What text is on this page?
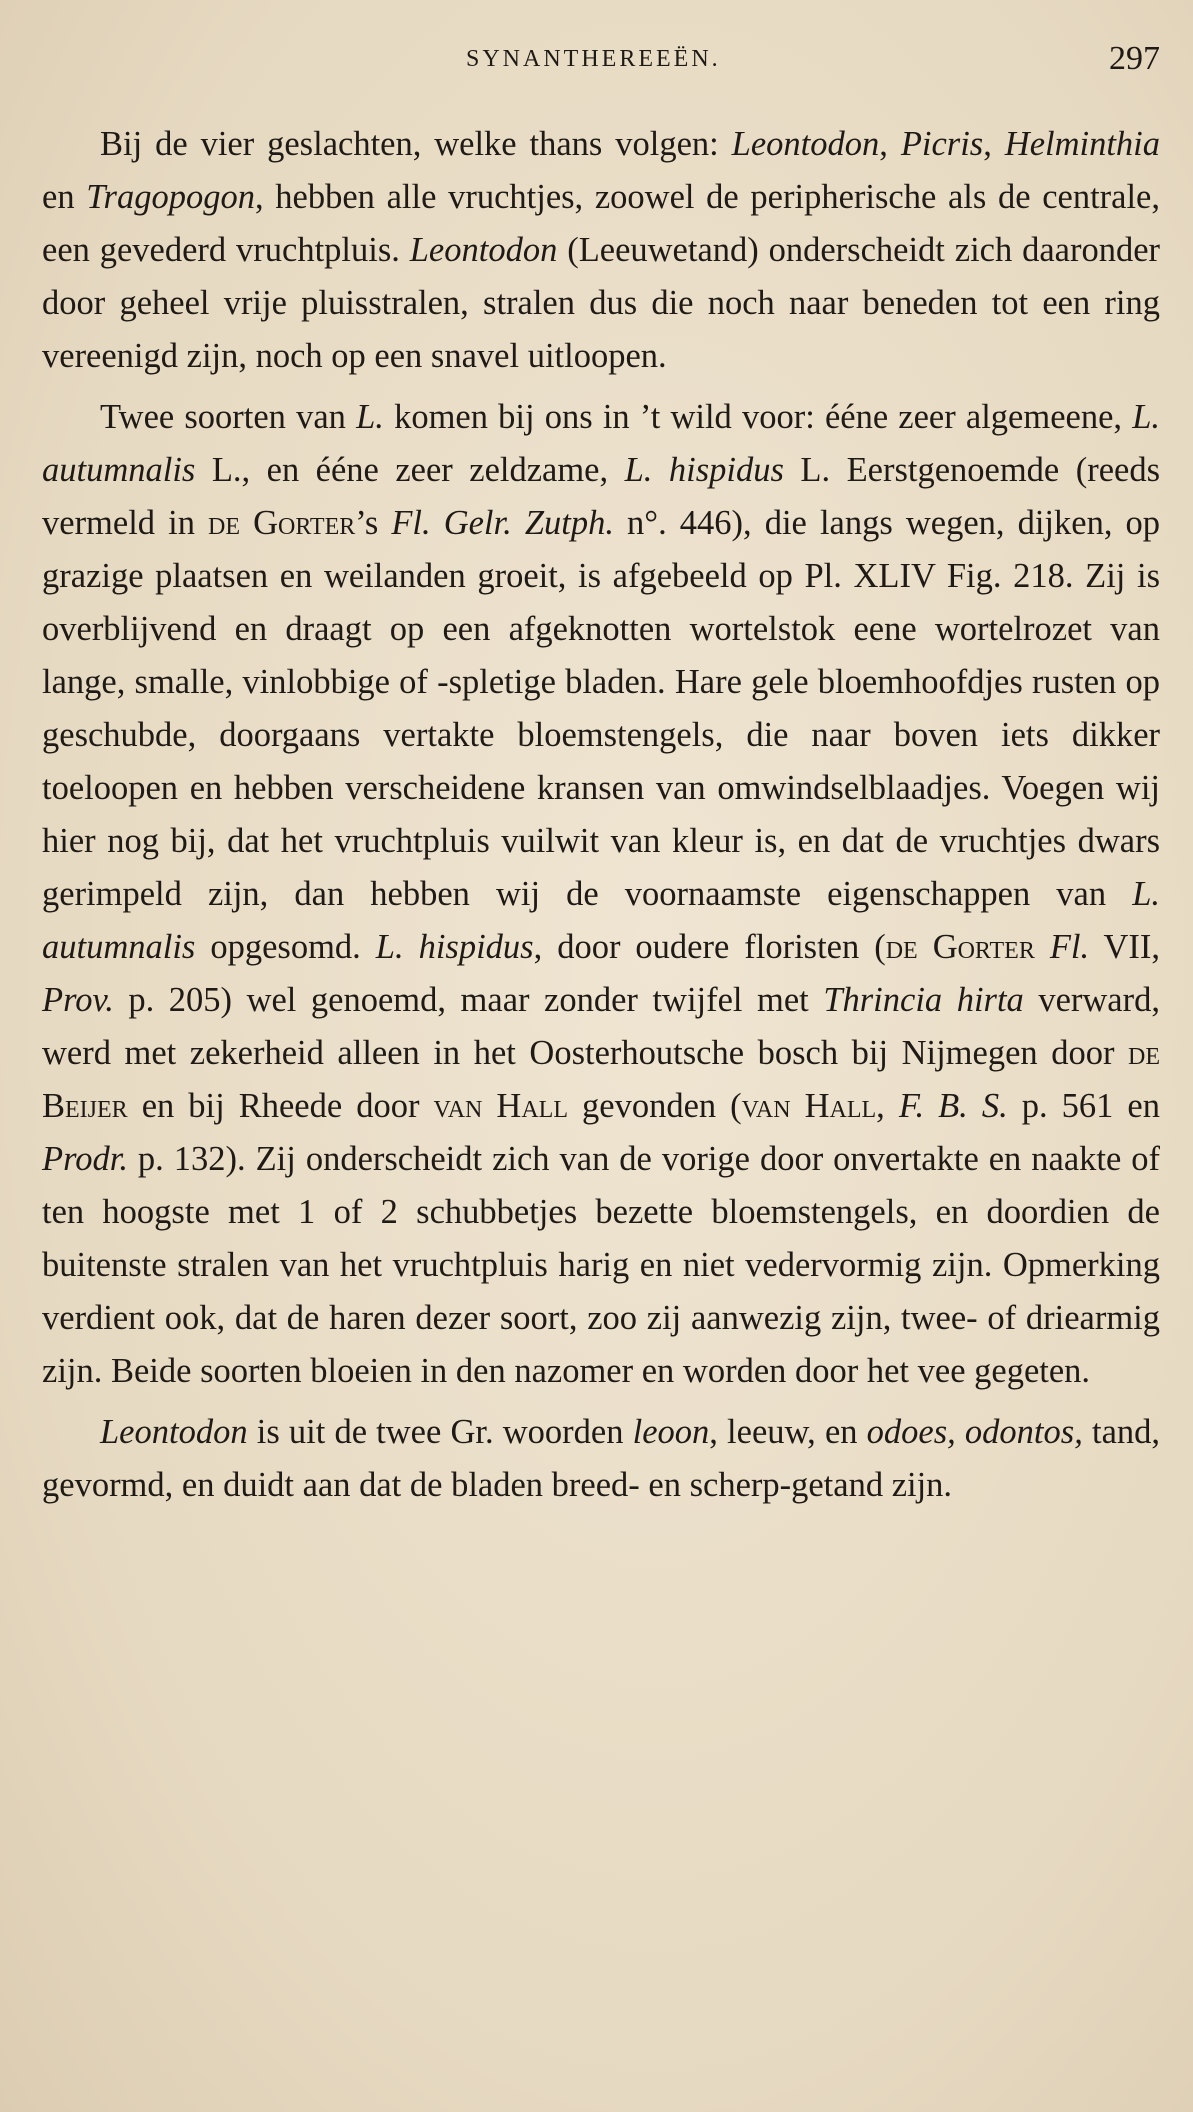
SYNANTHEREEËN.	297

Bij de vier geslachten, welke thans volgen: Leontodon, Picris, Helminthia en Tragopogon, hebben alle vruchtjes, zoowel de peripherische als de centrale, een gevederd vruchtpluis. Leontodon (Leeuwetand) onderscheidt zich daaronder door geheel vrije pluisstralen, stralen dus die noch naar beneden tot een ring vereenigd zijn, noch op een snavel uitloopen.

Twee soorten van L. komen bij ons in ’t wild voor: ééne zeer algemeene, L. autumnalis L., en ééne zeer zeldzame, L. hispidus L. Eerstgenoemde (reeds vermeld in de Gorter’s Fl. Gelr. Zutph. n°. 446), die langs wegen, dijken, op grazige plaatsen en weilanden groeit, is afgebeeld op Pl. XLIV Fig. 218. Zij is overblijvend en draagt op een afgeknotten wortelstok eene wortelrozet van lange, smalle, vinlobbige of -spletige bladen. Hare gele bloemhoofdjes rusten op geschubde, doorgaans vertakte bloemstengels, die naar boven iets dikker toeloopen en hebben verscheidene kransen van omwindselblaadjes. Voegen wij hier nog bij, dat het vruchtpluis vuilwit van kleur is, en dat de vruchtjes dwars gerimpeld zijn, dan hebben wij de voornaamste eigenschappen van L. autumnalis opgesomd. L. hispidus, door oudere floristen (de Gorter Fl. VII, Prov. p. 205) wel genoemd, maar zonder twijfel met Thrincia hirta verward, werd met zekerheid alleen in het Oosterhoutsche bosch bij Nijmegen door de Beijer en bij Rheede door van Hall gevonden (van Hall, F. B. S. p. 561 en Prodr. p. 132). Zij onderscheidt zich van de vorige door onvertakte en naakte of ten hoogste met 1 of 2 schubbetjes bezette bloemstengels, en doordien de buitenste stralen van het vruchtpluis harig en niet vedervormig zijn. Opmerking verdient ook, dat de haren dezer soort, zoo zij aanwezig zijn, twee- of driearmig zijn. Beide soorten bloeien in den nazomer en worden door het vee gegeten.

Leontodon is uit de twee Gr. woorden leoon, leeuw, en odoes, odontos, tand, gevormd, en duidt aan dat de bladen breed- en scherp-getand zijn.
